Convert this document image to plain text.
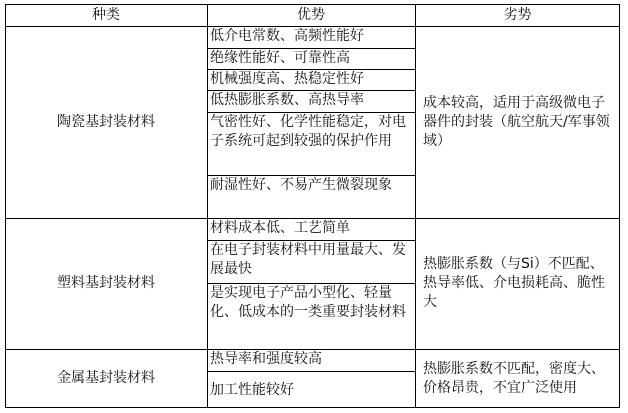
种类	优势	劣势
陶瓷基封装材料
低介电常数、高频性能好
绝缘性能好、可靠性高
机械强度高、热稳定性好
低热膨胀系数、高热导率
气密性好、化学性能稳定，对电子系统可起到较强的保护作用
耐湿性好、不易产生微裂现象
成本较高，适用于高级微电子器件的封装（航空航天/军事领域）
塑料基封装材料
材料成本低、工艺简单
在电子封装材料中用量最大、发展最快
是实现电子产品小型化、轻量化、低成本的一类重要封装材料
热膨胀系数（与Si）不匹配、热导率低、介电损耗高、脆性大
金属基封装材料
热导率和强度较高
加工性能较好
热膨胀系数不匹配，密度大、价格昂贵，不宜广泛使用
